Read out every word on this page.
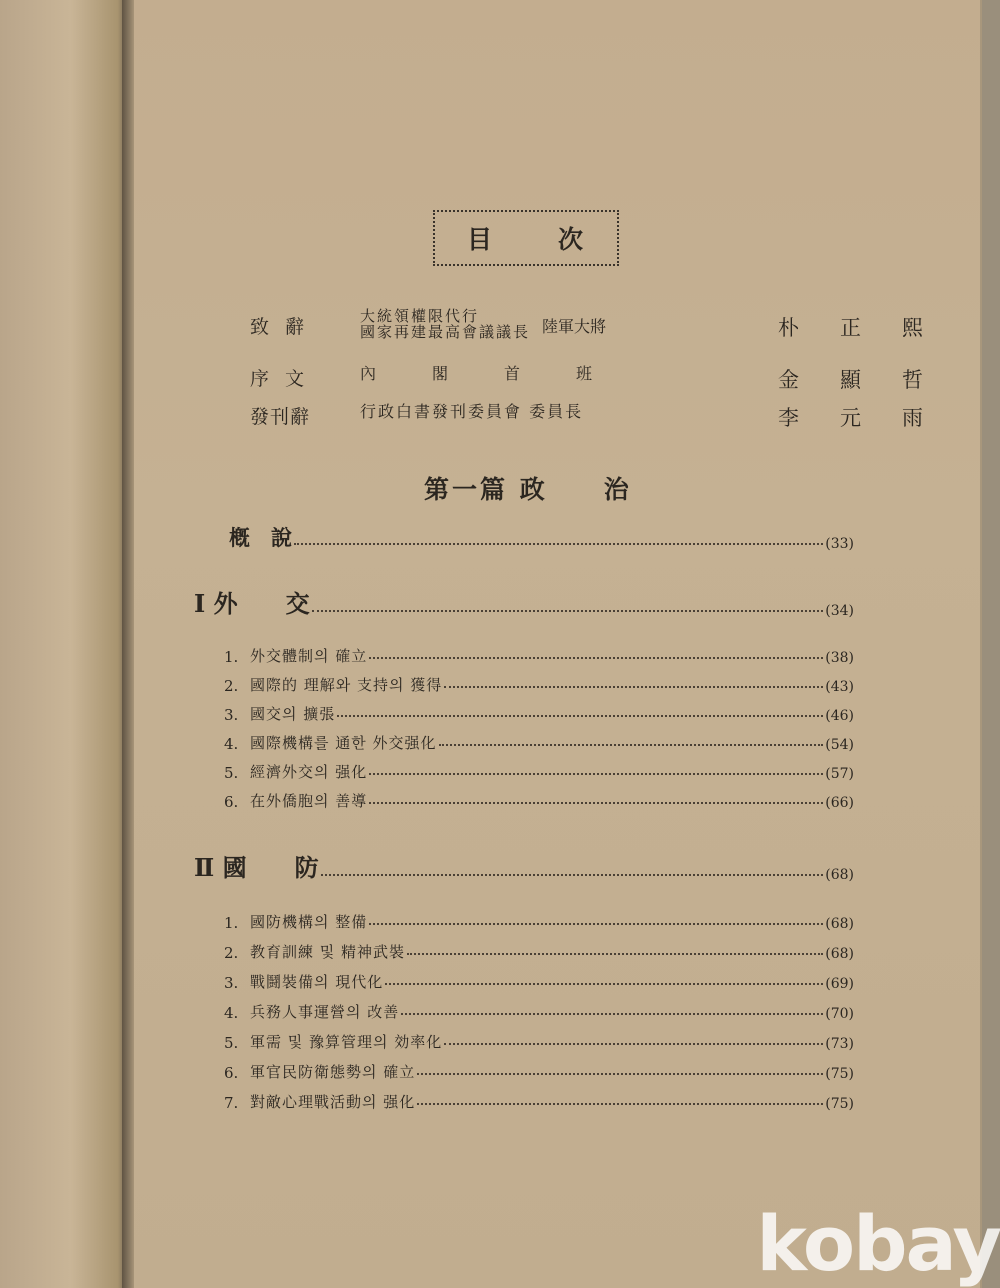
目	次
致 辭	大統領權限代行
國家再建最高會議議長 陸軍大將	朴 正 熙
序 文	內　　　閣　　　首　　　班	金 顯 哲
發刊辭	行政白書發刊委員會 委員長	李 元 雨
第一篇 政　　治
槪　說	(33)
Ⅰ 外　　交	(34)
1. 外交體制의 確立	(38)
2. 國際的 理解와 支持의 獲得	(43)
3. 國交의 擴張	(46)
4. 國際機構를 通한 外交强化	(54)
5. 經濟外交의 强化	(57)
6. 在外僑胞의 善導	(66)
Ⅱ 國　　防	(68)
1. 國防機構의 整備	(68)
2. 教育訓練 및 精神武裝	(68)
3. 戰鬪裝備의 現代化	(69)
4. 兵務人事運營의 改善	(70)
5. 軍需 및 豫算管理의 効率化	(73)
6. 軍官民防衛態勢의 確立	(75)
7. 對敵心理戰活動의 强化	(75)
kobay
